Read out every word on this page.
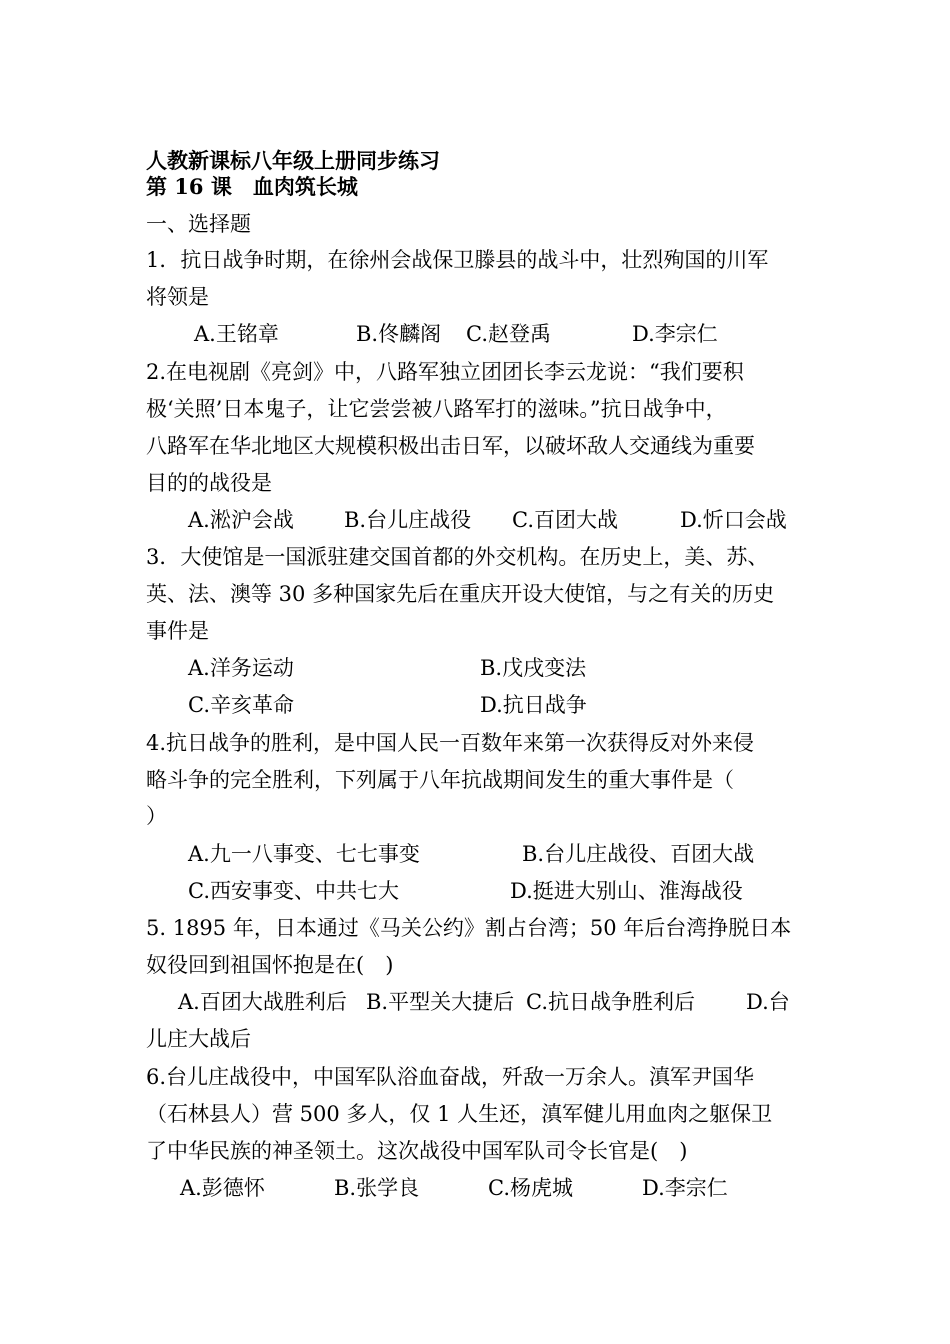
人教新课标八年级上册同步练习
第 16 课　血肉筑长城
一、选择题
1．抗日战争时期，在徐州会战保卫滕县的战斗中，壮烈殉国的川军
将领是
A.王铭章	B.佟麟阁 C.赵登禹	D.李宗仁
2.在电视剧《亮剑》中，八路军独立团团长李云龙说：“我们要积
极‘关照’日本鬼子，让它尝尝被八路军打的滋味。”抗日战争中，
八路军在华北地区大规模积极出击日军，以破坏敌人交通线为重要
目的的战役是
A.淞沪会战 B.台儿庄战役 C.百团大战	D.忻口会战
3．大使馆是一国派驻建交国首都的外交机构。在历史上，美、苏、
英、法、澳等 30 多种国家先后在重庆开设大使馆，与之有关的历史
事件是
A.洋务运动	B.戊戌变法
C.辛亥革命	D.抗日战争
4.抗日战争的胜利，是中国人民一百数年来第一次获得反对外来侵
略斗争的完全胜利，下列属于八年抗战期间发生的重大事件是（
）
A.九一八事变、七七事变	B.台儿庄战役、百团大战
C.西安事变、中共七大	D.挺进大别山、淮海战役
5. 1895 年，日本通过《马关公约》割占台湾；50 年后台湾挣脱日本
奴役回到祖国怀抱是在(　)
A.百团大战胜利后 B.平型关大捷后 C.抗日战争胜利后 D.台
儿庄大战后
6.台儿庄战役中，中国军队浴血奋战，歼敌一万余人。滇军尹国华
（石林县人）营 500 多人，仅 1 人生还，滇军健儿用血肉之躯保卫
了中华民族的神圣领土。这次战役中国军队司令长官是(　)
A.彭德怀	B.张学良	C.杨虎城	D.李宗仁
